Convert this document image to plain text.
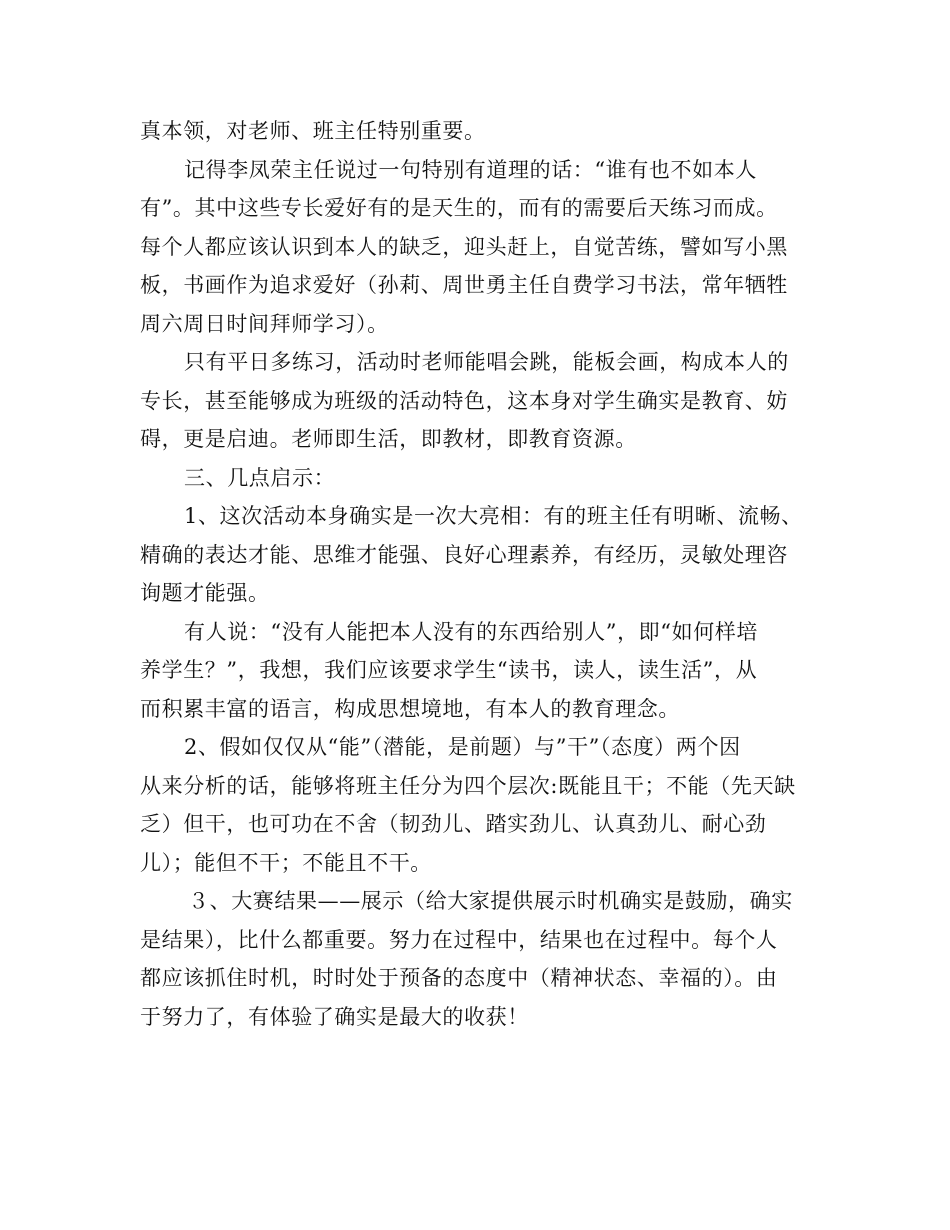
真本领，对老师、班主任特别重要。
记得李凤荣主任说过一句特别有道理的话：“谁有也不如本人
有”。其中这些专长爱好有的是天生的，而有的需要后天练习而成。
每个人都应该认识到本人的缺乏，迎头赶上，自觉苦练，譬如写小黑
板，书画作为追求爱好（孙莉、周世勇主任自费学习书法，常年牺牲
周六周日时间拜师学习）。
只有平日多练习，活动时老师能唱会跳，能板会画，构成本人的
专长，甚至能够成为班级的活动特色，这本身对学生确实是教育、妨
碍，更是启迪。老师即生活，即教材，即教育资源。
三、几点启示：
1、这次活动本身确实是一次大亮相：有的班主任有明晰、流畅、
精确的表达才能、思维才能强、良好心理素养，有经历，灵敏处理咨
询题才能强。
有人说：“没有人能把本人没有的东西给别人”，即“如何样培
养学生？”，我想，我们应该要求学生“读书，读人，读生活”，从
而积累丰富的语言，构成思想境地，有本人的教育理念。
2、假如仅仅从“能”（潜能，是前题）与”干”（态度）两个因
从来分析的话，能够将班主任分为四个层次:既能且干；不能（先天缺
乏）但干，也可功在不舍（韧劲儿、踏实劲儿、认真劲儿、耐心劲
儿）；能但不干；不能且不干。
３、大赛结果——展示（给大家提供展示时机确实是鼓励，确实
是结果），比什么都重要。努力在过程中，结果也在过程中。每个人
都应该抓住时机，时时处于预备的态度中（精神状态、幸福的）。由
于努力了，有体验了确实是最大的收获！
